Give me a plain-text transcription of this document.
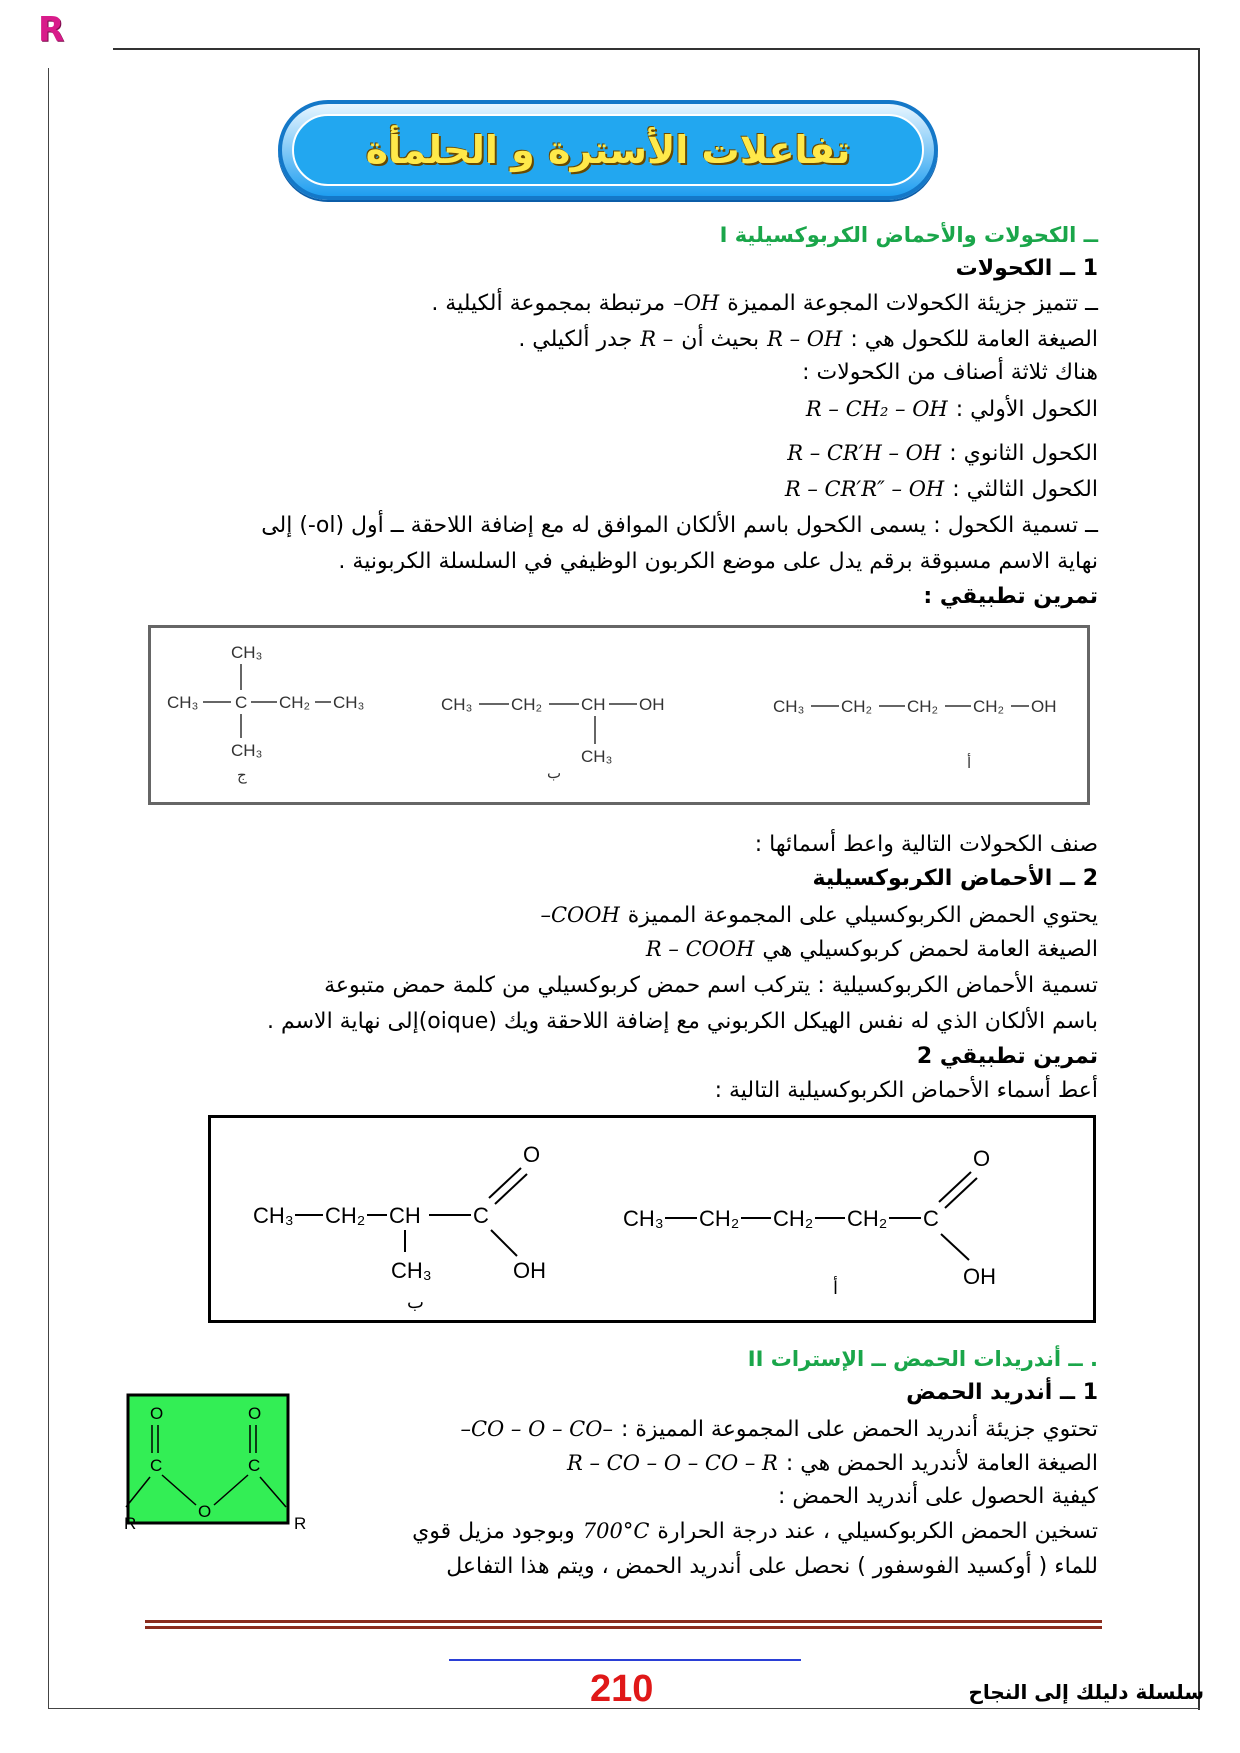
R
تفاعلات الأسترة و الحلمأة
I ــ الكحولات والأحماض الكربوكسيلية
1 ــ الكحولات
ــ تتميز جزيئة الكحولات المجوعة المميزة–OHمرتبطة بمجموعة ألكيلية .
الصيغة العامة للكحول هي :R – OHبحيث أنR –جدر ألكيلي .
هناك ثلاثة أصناف من الكحولات :
الكحول الأولي :R – CH₂ – OH
الكحول الثانوي :R – CR′H – OH
الكحول الثالثي :R – CR′R″ – OH
ــ تسمية الكحول : يسمى الكحول باسم الألكان الموافق له مع إضافة اللاحقة ــ أول (ol-) إلى
نهاية الاسم مسبوقة برقم يدل على موضع الكربون الوظيفي في السلسلة الكربونية .
تمرين تطبيقي :
CH₃
CH₃ C CH₂ CH₃
CH₃
ج
CH₃ CH₂ CH OH
CH₃
ب
CH₃ CH₂ CH₂ CH₂ OH
أ
صنف الكحولات التالية واعط أسمائها :
2 ــ الأحماض الكربوكسيلية
يحتوي الحمض الكربوكسيلي على المجموعة المميزة–COOH
الصيغة العامة لحمض كربوكسيلي هيR – COOH
تسمية الأحماض الكربوكسيلية : يتركب اسم حمض كربوكسيلي من كلمة حمض متبوعة
باسم الألكان الذي له نفس الهيكل الكربوني مع إضافة اللاحقة ويك (oique)إلى نهاية الاسم .
تمرين تطبيقي 2
أعط أسماء الأحماض الكربوكسيلية التالية :
CH₃ CH₂ CH C
CH₃
O
OH
ب
CH₃ CH₂ CH₂ CH₂ C
O
OH
أ
II ــ أندريدات الحمض ــ الإسترات .
1 ــ أندريد الحمض
تحتوي جزيئة أندريد الحمض على المجموعة المميزة :–CO – O – CO–
الصيغة العامة لأندريد الحمض هي :R – CO – O – CO – R
كيفية الحصول على أندريد الحمض :
تسخين الحمض الكربوكسيلي ، عند درجة الحرارة700°Cوبوجود مزيل قوي
للماء ( أوكسيد الفوسفور ) نحصل على أندريد الحمض ، ويتم هذا التفاعل
O
C
O
C
O
R	R
210	سلسلة دليلك إلى النجاح
